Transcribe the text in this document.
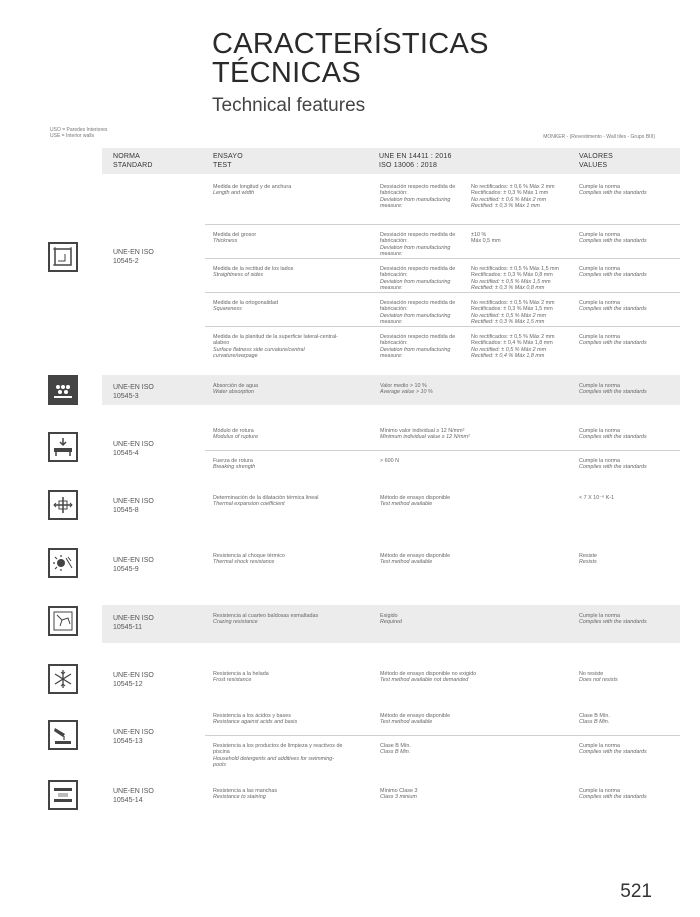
CARACTERÍSTICAS
TÉCNICAS
Technical features
USO = Paredes Interiores
USE = Interior walls	MONKER - (Revestimento - Wall tiles - Grupo BIII)
NORMA
STANDARD
ENSAYO
TEST
UNE EN 14411 : 2016
ISO 13006 : 2018
VALORES
VALUES
UNE-EN ISO 10545-2
Medida de longitud y de anchura
Length and width
Desviación respecto medida de fabricación:
Deviation from manufacturing measure:
No rectificados: ± 0,6 % Máx 2 mm
Rectificados: ± 0,3 % Máx 1 mm
No rectified: ± 0,6 % Máx 2 mm
Rectified: ± 0,3 % Máx 1 mm
Cumple la norma
Complies with the standards
Medida del grosor
Thickness
Desviación respecto medida de fabricación:
Deviation from manufacturing measure:
±10 %
Máx 0,5 mm
Cumple la norma
Complies with the standards
Medida de la rectitud de los lados
Straightness of sides
Desviación respecto medida de fabricación:
Deviation from manufacturing measure:
No rectificados: ± 0,5 % Máx 1,5 mm
Rectificados: ± 0,3 % Máx 0,8 mm
No rectified: ± 0,5 % Máx 1,5 mm
Rectified: ± 0,3 % Máx 0,8 mm
Cumple la norma
Complies with the standards
Medida de la ortogonalidad
Squareness
Desviación respecto medida de fabricación:
Deviation from manufacturing measure:
No rectificados: ± 0,5 % Máx 2 mm
Rectificados: ± 0,3 % Máx 1,5 mm
No rectified: ± 0,5 % Máx 2 mm
Rectified: ± 0,3 % Máx 1,5 mm
Cumple la norma
Complies with the standards
Medida de la planitud de la superficie lateral-central-alabeo
Surface flatness side curvature/central curvature/warpage
Desviación respecto medida de fabricación:
Deviation from manufacturing measure:
No rectificados: ± 0,5 % Máx 2 mm
Rectificados: ± 0,4 % Máx 1,8 mm
No rectified: ± 0,5 % Máx 2 mm
Rectified: ± 0,4 % Máx 1,8 mm
Cumple la norma
Complies with the standards
UNE-EN ISO 10545-3
Absorción de agua
Water absorption
Valor medio > 10 %
Average value > 10 %
Cumple la norma
Complies with the standards
UNE-EN ISO 10545-4
Módulo de rotura
Modulus of rupture
Mínimo valor individual ≥ 12 N/mm²
Minimum individual value ≥ 12 N/mm²
Cumple la norma
Complies with the standards
Fuerza de rotura
Breaking strength
> 600 N	Cumple la norma
Complies with the standards
UNE-EN ISO 10545-8
Determinación de la dilatación térmica lineal
Thermal expansion coefficient
Método de ensayo disponible
Test method available
< 7 X 10⁻⁶ K-1
UNE-EN ISO 10545-9
Resistencia al choque térmico
Thermal shock resistance
Método de ensayo disponible
Test method available
Resiste
Resists
UNE-EN ISO 10545-11
Resistencia al cuarteo baldosas esmaltadas
Crazing resistance
Exigido
Required
Cumple la norma
Complies with the standards
UNE-EN ISO 10545-12
Resistencia a la helada
Frost resistance
Método de ensayo disponible no exigido
Test method available not demanded
No resiste
Does not resists
UNE-EN ISO 10545-13
Resistencia a los ácidos y bases
Resistance against acids and basis
Método de ensayo disponible
Test method available
Clase B Mín.
Class B Min.
Resistencia a los productos de limpieza y reactivos de piscina
Household detergents and additives for swimming-pools
Clase B Mín.
Class B Min.
Cumple la norma
Complies with the standards
UNE-EN ISO 10545-14
Resistencia a las manchas
Resistance to staining
Mínimo Clase 3
Class 3 minium
Cumple la norma
Complies with the standards
521
